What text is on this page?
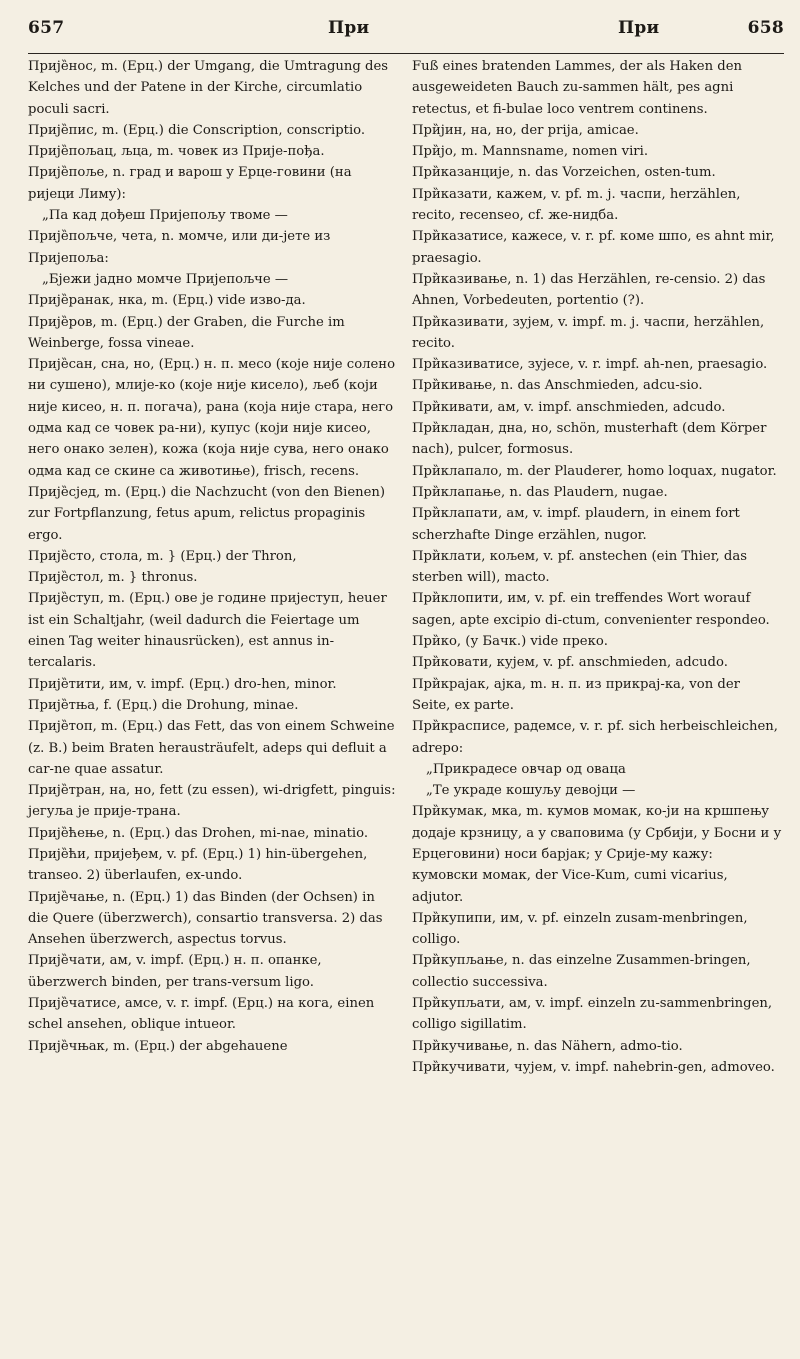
657	При	При	658

Прије̏нос, m. (Ерц.) der Umgang, die Umtragung des Kelches und der Patene in der Kirche, circumlatio poculi sacri.

Прије̏пис, m. (Ерц.) die Conscription, conscriptio.

Прије̏пољац, љца, m. човек из Прије-пођа.

Прије̏поље, n. град и варош у Ерце-говини (на ријеци Лиму):

„Па кад дођеш Пријепољу твоме —

Прије̏пољче, чета, n. момче, или ди-јете из Пријепоља:

„Бјежи јадно момче Пријепољче —

Прије̏ранак, нка, m. (Ерц.) vide изво-да.

Прије̏ров, m. (Ерц.) der Graben, die Furche im Weinberge, fossa vineae.

Прије̏сан, сна, но, (Ерц.) н. п. месо (које није солено ни сушено), млије-ко (које није кисело), љеб (који није кисео, н. п. погача), рана (која није стара, него одма кад се човек ра-ни), купус (који није кисео, него онако зелен), кожа (која није сува, него онако одма кад се скине са животиње), frisch, recens.

Прије̏сјед, m. (Ерц.) die Nachzucht (von den Bienen) zur Fortpflanzung, fetus apum, relictus propaginis ergo.

Прије̏сто, стола, m. } (Ерц.) der Thron,

Прије̏стол, m. } thronus.

Прије̏ступ, m. (Ерц.) ове је године пријеступ, heuer ist ein Schaltjahr, (weil dadurch die Feiertage um einen Tag weiter hinausrücken), est annus in-tercalaris.

Прије̏тити, им, v. impf. (Ерц.) dro-hen, minor.

Прије̏тња, f. (Ерц.) die Drohung, minae.

Прије̏топ, m. (Ерц.) das Fett, das von einem Schweine (z. B.) beim Braten herausträufelt, adeps qui defluit a car-ne quae assatur.

Прије̏тран, на, но, fett (zu essen), wi-drigfett, pinguis: јегуља је прије-трана.

Прије̏ћење, n. (Ерц.) das Drohen, mi-nae, minatio.

Прије̏ћи, пријеђем, v. pf. (Ерц.) 1) hin-übergehen, transeo. 2) überlaufen, ex-undo.

Прије̏чање, n. (Ерц.) 1) das Binden (der Ochsen) in die Quere (überzwerch), consartio transversa. 2) das Ansehen überzwerch, aspectus torvus.

Прије̏чати, ам, v. impf. (Ерц.) н. п. опанке, überzwerch binden, per trans-versum ligo.

Прије̏чатисе, амсе, v. r. impf. (Ерц.) на кога, einen schel ansehen, oblique intueor.

Прије̏чњак, m. (Ерц.) der abgehauene

Fuß eines bratenden Lammes, der als Haken den ausgeweideten Bauch zu-sammen hält, pes agni retectus, et fi-bulae loco ventrem continens.

При̏јин, на, но, der prija, amicae.

При̏јо, m. Mannsname, nomen viri.

При̏казанције, n. das Vorzeichen, osten-tum.

При̏казати, кажем, v. pf. m. j. часпи, herzählen, recito, recenseo, cf. же-нидба.

При̏казатисе, кажесе, v. r. pf. коме шпо, es ahnt mir, praesagio.

При̏казивање, n. 1) das Herzählen, re-censio. 2) das Ahnen, Vorbedeuten, portentio (?).

При̏казивати, зујем, v. impf. m. j. часпи, herzählen, recito.

При̏казиватисе, зујесе, v. r. impf. ah-nen, praesagio.

При̏кивање, n. das Anschmieden, adcu-sio.

При̏кивати, ам, v. impf. anschmieden, adcudo.

При̏кладан, дна, но, schön, musterhaft (dem Körper nach), pulcer, formosus.

При̏клапало, m. der Plauderer, homo loquax, nugator.

При̏клапање, n. das Plaudern, nugae.

При̏клапати, ам, v. impf. plaudern, in einem fort scherzhafte Dinge erzählen, nugor.

При̏клати, кољем, v. pf. anstechen (ein Thier, das sterben will), macto.

При̏клопити, им, v. pf. ein treffendes Wort worauf sagen, apte excipio di-ctum, convenienter respondeo.

При̏ко, (у Бачк.) vide преко.

При̏ковати, кујем, v. pf. anschmieden, adcudo.

При̏крајак, ајка, m. н. п. из прикрај-ка, von der Seite, ex parte.

При̏красписе, радемсе, v. r. pf. sich herbeischleichen, adrepo:

„Прикрадесе овчар од оваца

„Те украде кошуљу девојци —

При̏кумак, мка, m. кумов момак, ко-ји на кршпењу додаје крзницу, а у сваповима (у Србији, у Босни и у Ерцеговини) носи барјак; у Срије-му кажу: кумовски момак, der Vice-Kum, cumi vicarius, adjutor.

При̏купипи, им, v. pf. einzeln zusam-menbringen, colligo.

При̏купљање, n. das einzelne Zusammen-bringen, collectio successiva.

При̏купљати, ам, v. impf. einzeln zu-sammenbringen, colligo sigillatim.

При̏кучивање, n. das Nähern, admo-tio.

При̏кучивати, чујем, v. impf. nahebrin-gen, admoveo.
